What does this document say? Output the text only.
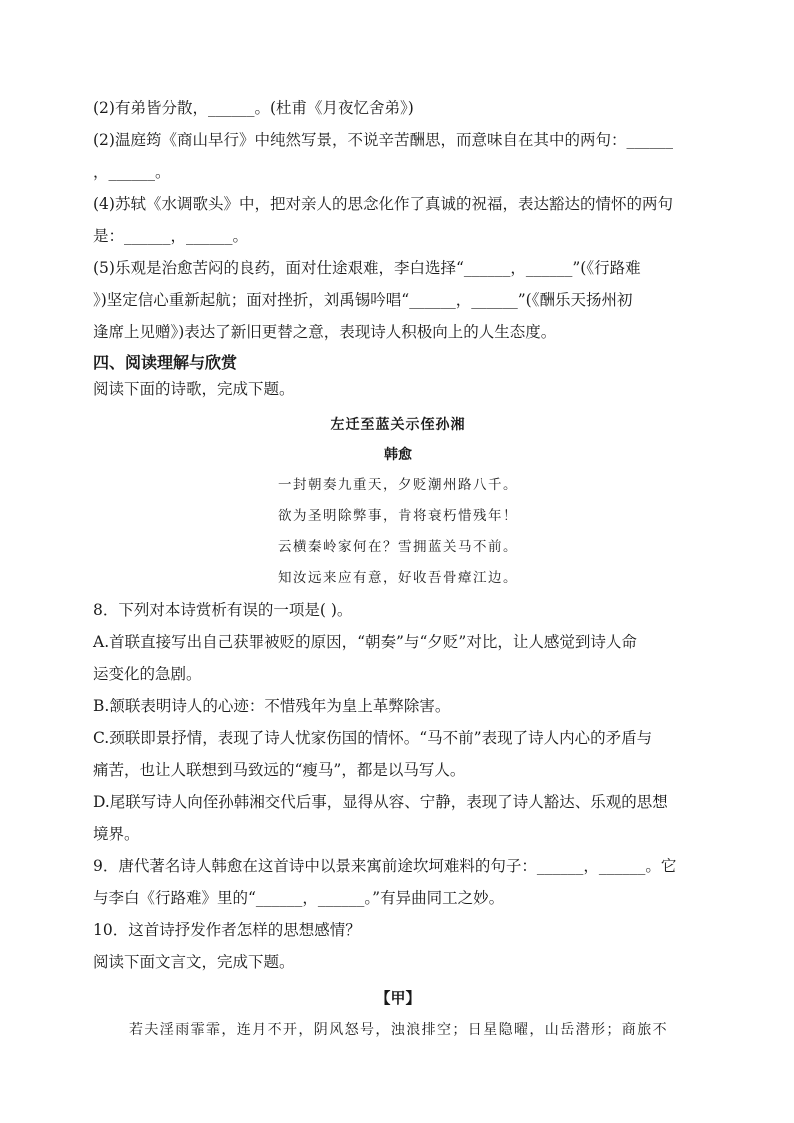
(2)有弟皆分散，______。(杜甫《月夜忆舍弟》)
(2)温庭筠《商山早行》中纯然写景，不说辛苦酬思，而意味自在其中的两句：______
，______。
(4)苏轼《水调歌头》中，把对亲人的思念化作了真诚的祝福，表达豁达的情怀的两句
是：______，______。
(5)乐观是治愈苦闷的良药，面对仕途艰难，李白选择“______，______”(《行路难
》)坚定信心重新起航；面对挫折，刘禹锡吟唱“______，______”(《酬乐天扬州初
逢席上见赠》)表达了新旧更替之意，表现诗人积极向上的人生态度。
四、阅读理解与欣赏
阅读下面的诗歌，完成下题。
左迁至蓝关示侄孙湘
韩愈
一封朝奏九重天，夕贬潮州路八千。
欲为圣明除弊事，肯将衰朽惜残年！
云横秦岭家何在？雪拥蓝关马不前。
知汝远来应有意，好收吾骨瘴江边。
8．下列对本诗赏析有误的一项是( )。
A.首联直接写出自己获罪被贬的原因，“朝奏”与“夕贬”对比，让人感觉到诗人命
运变化的急剧。
B.颔联表明诗人的心迹：不惜残年为皇上革弊除害。
C.颈联即景抒情，表现了诗人忧家伤国的情怀。“马不前”表现了诗人内心的矛盾与
痛苦，也让人联想到马致远的“瘦马”，都是以马写人。
D.尾联写诗人向侄孙韩湘交代后事，显得从容、宁静，表现了诗人豁达、乐观的思想
境界。
9．唐代著名诗人韩愈在这首诗中以景来寓前途坎坷难料的句子：______，______。它
与李白《行路难》里的“______，______。”有异曲同工之妙。
10．这首诗抒发作者怎样的思想感情？
阅读下面文言文，完成下题。
【甲】
若夫淫雨霏霏，连月不开，阴风怒号，浊浪排空；日星隐曜，山岳潜形；商旅不
